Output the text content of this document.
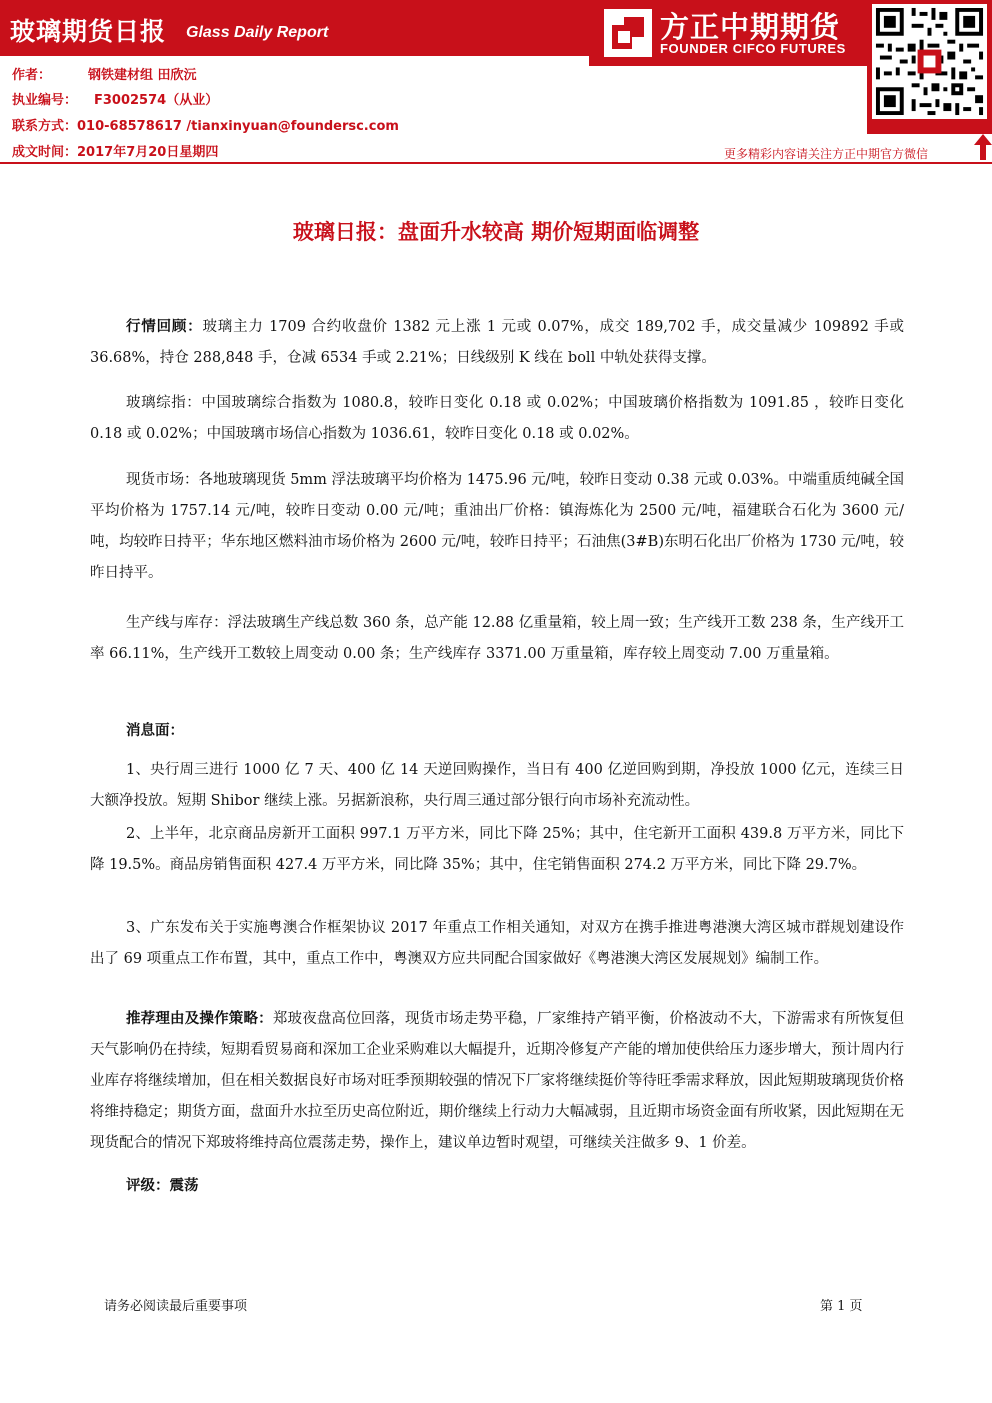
玻璃期货日报 Glass Daily Report	方正中期期货
FOUNDER CIFCO FUTURES
作者：	钢铁建材组 田欣沅
执业编号： F3002574（从业）
联系方式：010-68578617 /tianxinyuan@foundersc.com
成文时间：2017年7月20日星期四	更多精彩内容请关注方正中期官方微信
玻璃日报：盘面升水较高 期价短期面临调整

行情回顾：玻璃主力 1709 合约收盘价 1382 元上涨 1 元或 0.07%，成交 189,702 手，成交量减少 109892 手或 36.68%，持仓 288,848 手，仓减 6534 手或 2.21%；日线级别 K 线在 boll 中轨处获得支撑。

玻璃综指：中国玻璃综合指数为 1080.8，较昨日变化 0.18 或 0.02%；中国玻璃价格指数为 1091.85 ，较昨日变化 0.18 或 0.02%；中国玻璃市场信心指数为 1036.61，较昨日变化 0.18 或 0.02%。

现货市场：各地玻璃现货 5mm 浮法玻璃平均价格为 1475.96 元/吨，较昨日变动 0.38 元或 0.03%。中端重质纯碱全国平均价格为 1757.14 元/吨，较昨日变动 0.00 元/吨；重油出厂价格：镇海炼化为 2500 元/吨，福建联合石化为 3600 元/吨，均较昨日持平；华东地区燃料油市场价格为 2600 元/吨，较昨日持平；石油焦(3#B)东明石化出厂价格为 1730 元/吨，较昨日持平。

生产线与库存：浮法玻璃生产线总数 360 条，总产能 12.88 亿重量箱，较上周一致；生产线开工数 238 条，生产线开工率 66.11%，生产线开工数较上周变动 0.00 条；生产线库存 3371.00 万重量箱，库存较上周变动 7.00 万重量箱。

消息面：

1、央行周三进行 1000 亿 7 天、400 亿 14 天逆回购操作，当日有 400 亿逆回购到期，净投放 1000 亿元，连续三日大额净投放。短期 Shibor 继续上涨。另据新浪称，央行周三通过部分银行向市场补充流动性。

2、上半年，北京商品房新开工面积 997.1 万平方米，同比下降 25%；其中，住宅新开工面积 439.8 万平方米，同比下降 19.5%。商品房销售面积 427.4 万平方米，同比降 35%；其中，住宅销售面积 274.2 万平方米，同比下降 29.7%。

3、广东发布关于实施粤澳合作框架协议 2017 年重点工作相关通知，对双方在携手推进粤港澳大湾区城市群规划建设作出了 69 项重点工作布置，其中，重点工作中，粤澳双方应共同配合国家做好《粤港澳大湾区发展规划》编制工作。

推荐理由及操作策略：郑玻夜盘高位回落，现货市场走势平稳，厂家维持产销平衡，价格波动不大，下游需求有所恢复但天气影响仍在持续，短期看贸易商和深加工企业采购难以大幅提升，近期冷修复产产能的增加使供给压力逐步增大，预计周内行业库存将继续增加，但在相关数据良好市场对旺季预期较强的情况下厂家将继续挺价等待旺季需求释放，因此短期玻璃现货价格将维持稳定；期货方面，盘面升水拉至历史高位附近，期价继续上行动力大幅减弱，且近期市场资金面有所收紧，因此短期在无现货配合的情况下郑玻将维持高位震荡走势，操作上，建议单边暂时观望，可继续关注做多 9、1 价差。

评级：震荡

请务必阅读最后重要事项	第 1 页
